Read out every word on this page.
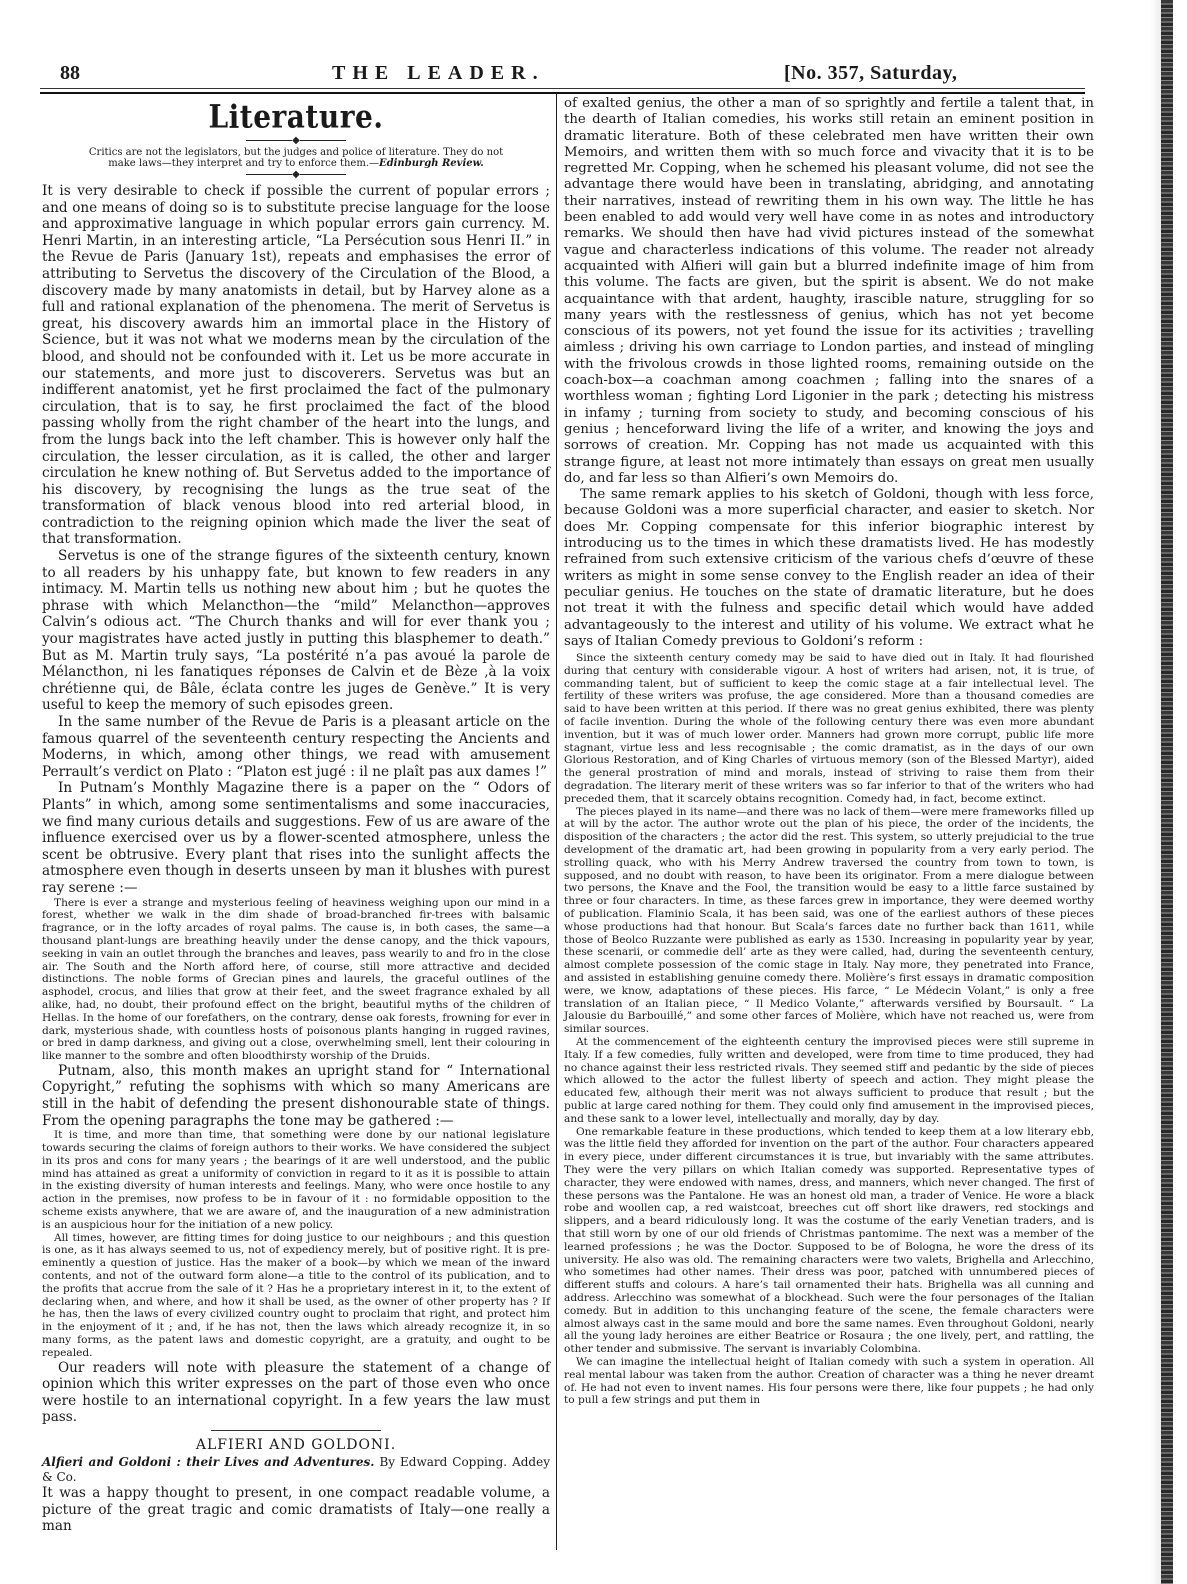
88	THE LEADER.	[No. 357, Saturday,
Literature.
◆
Critics are not the legislators, but the judges and police of literature. They do not
make laws—they interpret and try to enforce them.—Edinburgh Review.
◆

It is very desirable to check if possible the current of popular errors ; and one means of doing so is to substitute precise language for the loose and approximative language in which popular errors gain currency. M. Henri Martin, in an interesting article, “La Persécution sous Henri II.” in the Revue de Paris (January 1st), repeats and emphasises the error of attributing to Servetus the discovery of the Circulation of the Blood, a discovery made by many anatomists in detail, but by Harvey alone as a full and rational explanation of the phenomena. The merit of Servetus is great, his discovery awards him an immortal place in the History of Science, but it was not what we moderns mean by the circulation of the blood, and should not be confounded with it. Let us be more accurate in our statements, and more just to discoverers. Servetus was but an indifferent anatomist, yet he first proclaimed the fact of the pulmonary circulation, that is to say, he first proclaimed the fact of the blood passing wholly from the right chamber of the heart into the lungs, and from the lungs back into the left chamber. This is however only half the circulation, the lesser circulation, as it is called, the other and larger circulation he knew nothing of. But Servetus added to the importance of his discovery, by recognising the lungs as the true seat of the transformation of black venous blood into red arterial blood, in contradiction to the reigning opinion which made the liver the seat of that transformation.

Servetus is one of the strange figures of the sixteenth century, known to all readers by his unhappy fate, but known to few readers in any intimacy. M. Martin tells us nothing new about him ; but he quotes the phrase with which Melancthon—the “mild” Melancthon—approves Calvin’s odious act. “The Church thanks and will for ever thank you ; your magistrates have acted justly in putting this blasphemer to death.” But as M. Martin truly says, “La postérité n’a pas avoué la parole de Mélancthon, ni les fanatiques réponses de Calvin et de Bèze ,à la voix chrétienne qui, de Bâle, éclata contre les juges de Genève.” It is very useful to keep the memory of such episodes green.

In the same number of the Revue de Paris is a pleasant article on the famous quarrel of the seventeenth century respecting the Ancients and Moderns, in which, among other things, we read with amusement Perrault’s verdict on Plato : “Platon est jugé : il ne plaît pas aux dames !”

In Putnam’s Monthly Magazine there is a paper on the “ Odors of Plants” in which, among some sentimentalisms and some inaccuracies, we find many curious details and suggestions. Few of us are aware of the influence exercised over us by a flower-scented atmosphere, unless the scent be obtrusive. Every plant that rises into the sunlight affects the atmosphere even though in deserts unseen by man it blushes with purest ray serene :—

There is ever a strange and mysterious feeling of heaviness weighing upon our mind in a forest, whether we walk in the dim shade of broad-branched fir-trees with balsamic fragrance, or in the lofty arcades of royal palms. The cause is, in both cases, the same—a thousand plant-lungs are breathing heavily under the dense canopy, and the thick vapours, seeking in vain an outlet through the branches and leaves, pass wearily to and fro in the close air. The South and the North afford here, of course, still more attractive and decided distinctions. The noble forms of Grecian pines and laurels, the graceful outlines of the asphodel, crocus, and lilies that grow at their feet, and the sweet fragrance exhaled by all alike, had, no doubt, their profound effect on the bright, beautiful myths of the children of Hellas. In the home of our forefathers, on the contrary, dense oak forests, frowning for ever in dark, mysterious shade, with countless hosts of poisonous plants hanging in rugged ravines, or bred in damp darkness, and giving out a close, overwhelming smell, lent their colouring in like manner to the sombre and often bloodthirsty worship of the Druids.

Putnam, also, this month makes an upright stand for “ International Copyright,” refuting the sophisms with which so many Americans are still in the habit of defending the present dishonourable state of things. From the opening paragraphs the tone may be gathered :—

It is time, and more than time, that something were done by our national legislature towards securing the claims of foreign authors to their works. We have considered the subject in its pros and cons for many years ; the bearings of it are well understood, and the public mind has attained as great a uniformity of conviction in regard to it as it is possible to attain in the existing diversity of human interests and feelings. Many, who were once hostile to any action in the premises, now profess to be in favour of it : no formidable opposition to the scheme exists anywhere, that we are aware of, and the inauguration of a new administration is an auspicious hour for the initiation of a new policy.

All times, however, are fitting times for doing justice to our neighbours ; and this question is one, as it has always seemed to us, not of expediency merely, but of positive right. It is pre-eminently a question of justice. Has the maker of a book—by which we mean of the inward contents, and not of the outward form alone—a title to the control of its publication, and to the profits that accrue from the sale of it ? Has he a proprietary interest in it, to the extent of declaring when, and where, and how it shall be used, as the owner of other property has ? If he has, then the laws of every civilized country ought to proclaim that right, and protect him in the enjoyment of it ; and, if he has not, then the laws which already recognize it, in so many forms, as the patent laws and domestic copyright, are a gratuity, and ought to be repealed.

Our readers will note with pleasure the statement of a change of opinion which this writer expresses on the part of those even who once were hostile to an international copyright. In a few years the law must pass.

ALFIERI AND GOLDONI.
Alfieri and Goldoni : their Lives and Adventures. By Edward Copping. Addey & Co.

It was a happy thought to present, in one compact readable volume, a picture of the great tragic and comic dramatists of Italy—one really a man

of exalted genius, the other a man of so sprightly and fertile a talent that, in the dearth of Italian comedies, his works still retain an eminent position in dramatic literature. Both of these celebrated men have written their own Memoirs, and written them with so much force and vivacity that it is to be regretted Mr. Copping, when he schemed his pleasant volume, did not see the advantage there would have been in translating, abridging, and annotating their narratives, instead of rewriting them in his own way. The little he has been enabled to add would very well have come in as notes and introductory remarks. We should then have had vivid pictures instead of the somewhat vague and characterless indications of this volume. The reader not already acquainted with Alfieri will gain but a blurred indefinite image of him from this volume. The facts are given, but the spirit is absent. We do not make acquaintance with that ardent, haughty, irascible nature, struggling for so many years with the restlessness of genius, which has not yet become conscious of its powers, not yet found the issue for its activities ; travelling aimless ; driving his own carriage to London parties, and instead of mingling with the frivolous crowds in those lighted rooms, remaining outside on the coach-box—a coachman among coachmen ; falling into the snares of a worthless woman ; fighting Lord Ligonier in the park ; detecting his mistress in infamy ; turning from society to study, and becoming conscious of his genius ; henceforward living the life of a writer, and knowing the joys and sorrows of creation. Mr. Copping has not made us acquainted with this strange figure, at least not more intimately than essays on great men usually do, and far less so than Alfieri’s own Memoirs do.

The same remark applies to his sketch of Goldoni, though with less force, because Goldoni was a more superficial character, and easier to sketch. Nor does Mr. Copping compensate for this inferior biographic interest by introducing us to the times in which these dramatists lived. He has modestly refrained from such extensive criticism of the various chefs d’œuvre of these writers as might in some sense convey to the English reader an idea of their peculiar genius. He touches on the state of dramatic literature, but he does not treat it with the fulness and specific detail which would have added advantageously to the interest and utility of his volume. We extract what he says of Italian Comedy previous to Goldoni’s reform :

Since the sixteenth century comedy may be said to have died out in Italy. It had flourished during that century with considerable vigour. A host of writers had arisen, not, it is true, of commanding talent, but of sufficient to keep the comic stage at a fair intellectual level. The fertility of these writers was profuse, the age considered. More than a thousand comedies are said to have been written at this period. If there was no great genius exhibited, there was plenty of facile invention. During the whole of the following century there was even more abundant invention, but it was of much lower order. Manners had grown more corrupt, public life more stagnant, virtue less and less recognisable ; the comic dramatist, as in the days of our own Glorious Restoration, and of King Charles of virtuous memory (son of the Blessed Martyr), aided the general prostration of mind and morals, instead of striving to raise them from their degradation. The literary merit of these writers was so far inferior to that of the writers who had preceded them, that it scarcely obtains recognition. Comedy had, in fact, become extinct.

The pieces played in its name—and there was no lack of them—were mere frameworks filled up at will by the actor. The author wrote out the plan of his piece, the order of the incidents, the disposition of the characters ; the actor did the rest. This system, so utterly prejudicial to the true development of the dramatic art, had been growing in popularity from a very early period. The strolling quack, who with his Merry Andrew traversed the country from town to town, is supposed, and no doubt with reason, to have been its originator. From a mere dialogue between two persons, the Knave and the Fool, the transition would be easy to a little farce sustained by three or four characters. In time, as these farces grew in importance, they were deemed worthy of publication. Flaminio Scala, it has been said, was one of the earliest authors of these pieces whose productions had that honour. But Scala’s farces date no further back than 1611, while those of Beolco Ruzzante were published as early as 1530. Increasing in popularity year by year, these scenarii, or commedie dell’ arte as they were called, had, during the seventeenth century, almost complete possession of the comic stage in Italy. Nay more, they penetrated into France, and assisted in establishing genuine comedy there. Molière’s first essays in dramatic composition were, we know, adaptations of these pieces. His farce, “ Le Médecin Volant,” is only a free translation of an Italian piece, “ Il Medico Volante,” afterwards versified by Boursault. “ La Jalousie du Barbouillé,” and some other farces of Molière, which have not reached us, were from similar sources.

At the commencement of the eighteenth century the improvised pieces were still supreme in Italy. If a few comedies, fully written and developed, were from time to time produced, they had no chance against their less restricted rivals. They seemed stiff and pedantic by the side of pieces which allowed to the actor the fullest liberty of speech and action. They might please the educated few, although their merit was not always sufficient to produce that result ; but the public at large cared nothing for them. They could only find amusement in the improvised pieces, and these sank to a lower level, intellectually and morally, day by day.

One remarkable feature in these productions, which tended to keep them at a low literary ebb, was the little field they afforded for invention on the part of the author. Four characters appeared in every piece, under different circumstances it is true, but invariably with the same attributes. They were the very pillars on which Italian comedy was supported. Representative types of character, they were endowed with names, dress, and manners, which never changed. The first of these persons was the Pantalone. He was an honest old man, a trader of Venice. He wore a black robe and woollen cap, a red waistcoat, breeches cut off short like drawers, red stockings and slippers, and a beard ridiculously long. It was the costume of the early Venetian traders, and is that still worn by one of our old friends of Christmas pantomime. The next was a member of the learned professions ; he was the Doctor. Supposed to be of Bologna, he wore the dress of its university. He also was old. The remaining characters were two valets, Brighella and Arlecchino, who sometimes had other names. Their dress was poor, patched with unnumbered pieces of different stuffs and colours. A hare’s tail ornamented their hats. Brighella was all cunning and address. Arlecchino was somewhat of a blockhead. Such were the four personages of the Italian comedy. But in addition to this unchanging feature of the scene, the female characters were almost always cast in the same mould and bore the same names. Even throughout Goldoni, nearly all the young lady heroines are either Beatrice or Rosaura ; the one lively, pert, and rattling, the other tender and submissive. The servant is invariably Colombina.

We can imagine the intellectual height of Italian comedy with such a system in operation. All real mental labour was taken from the author. Creation of character was a thing he never dreamt of. He had not even to invent names. His four persons were there, like four puppets ; he had only to pull a few strings and put them in
